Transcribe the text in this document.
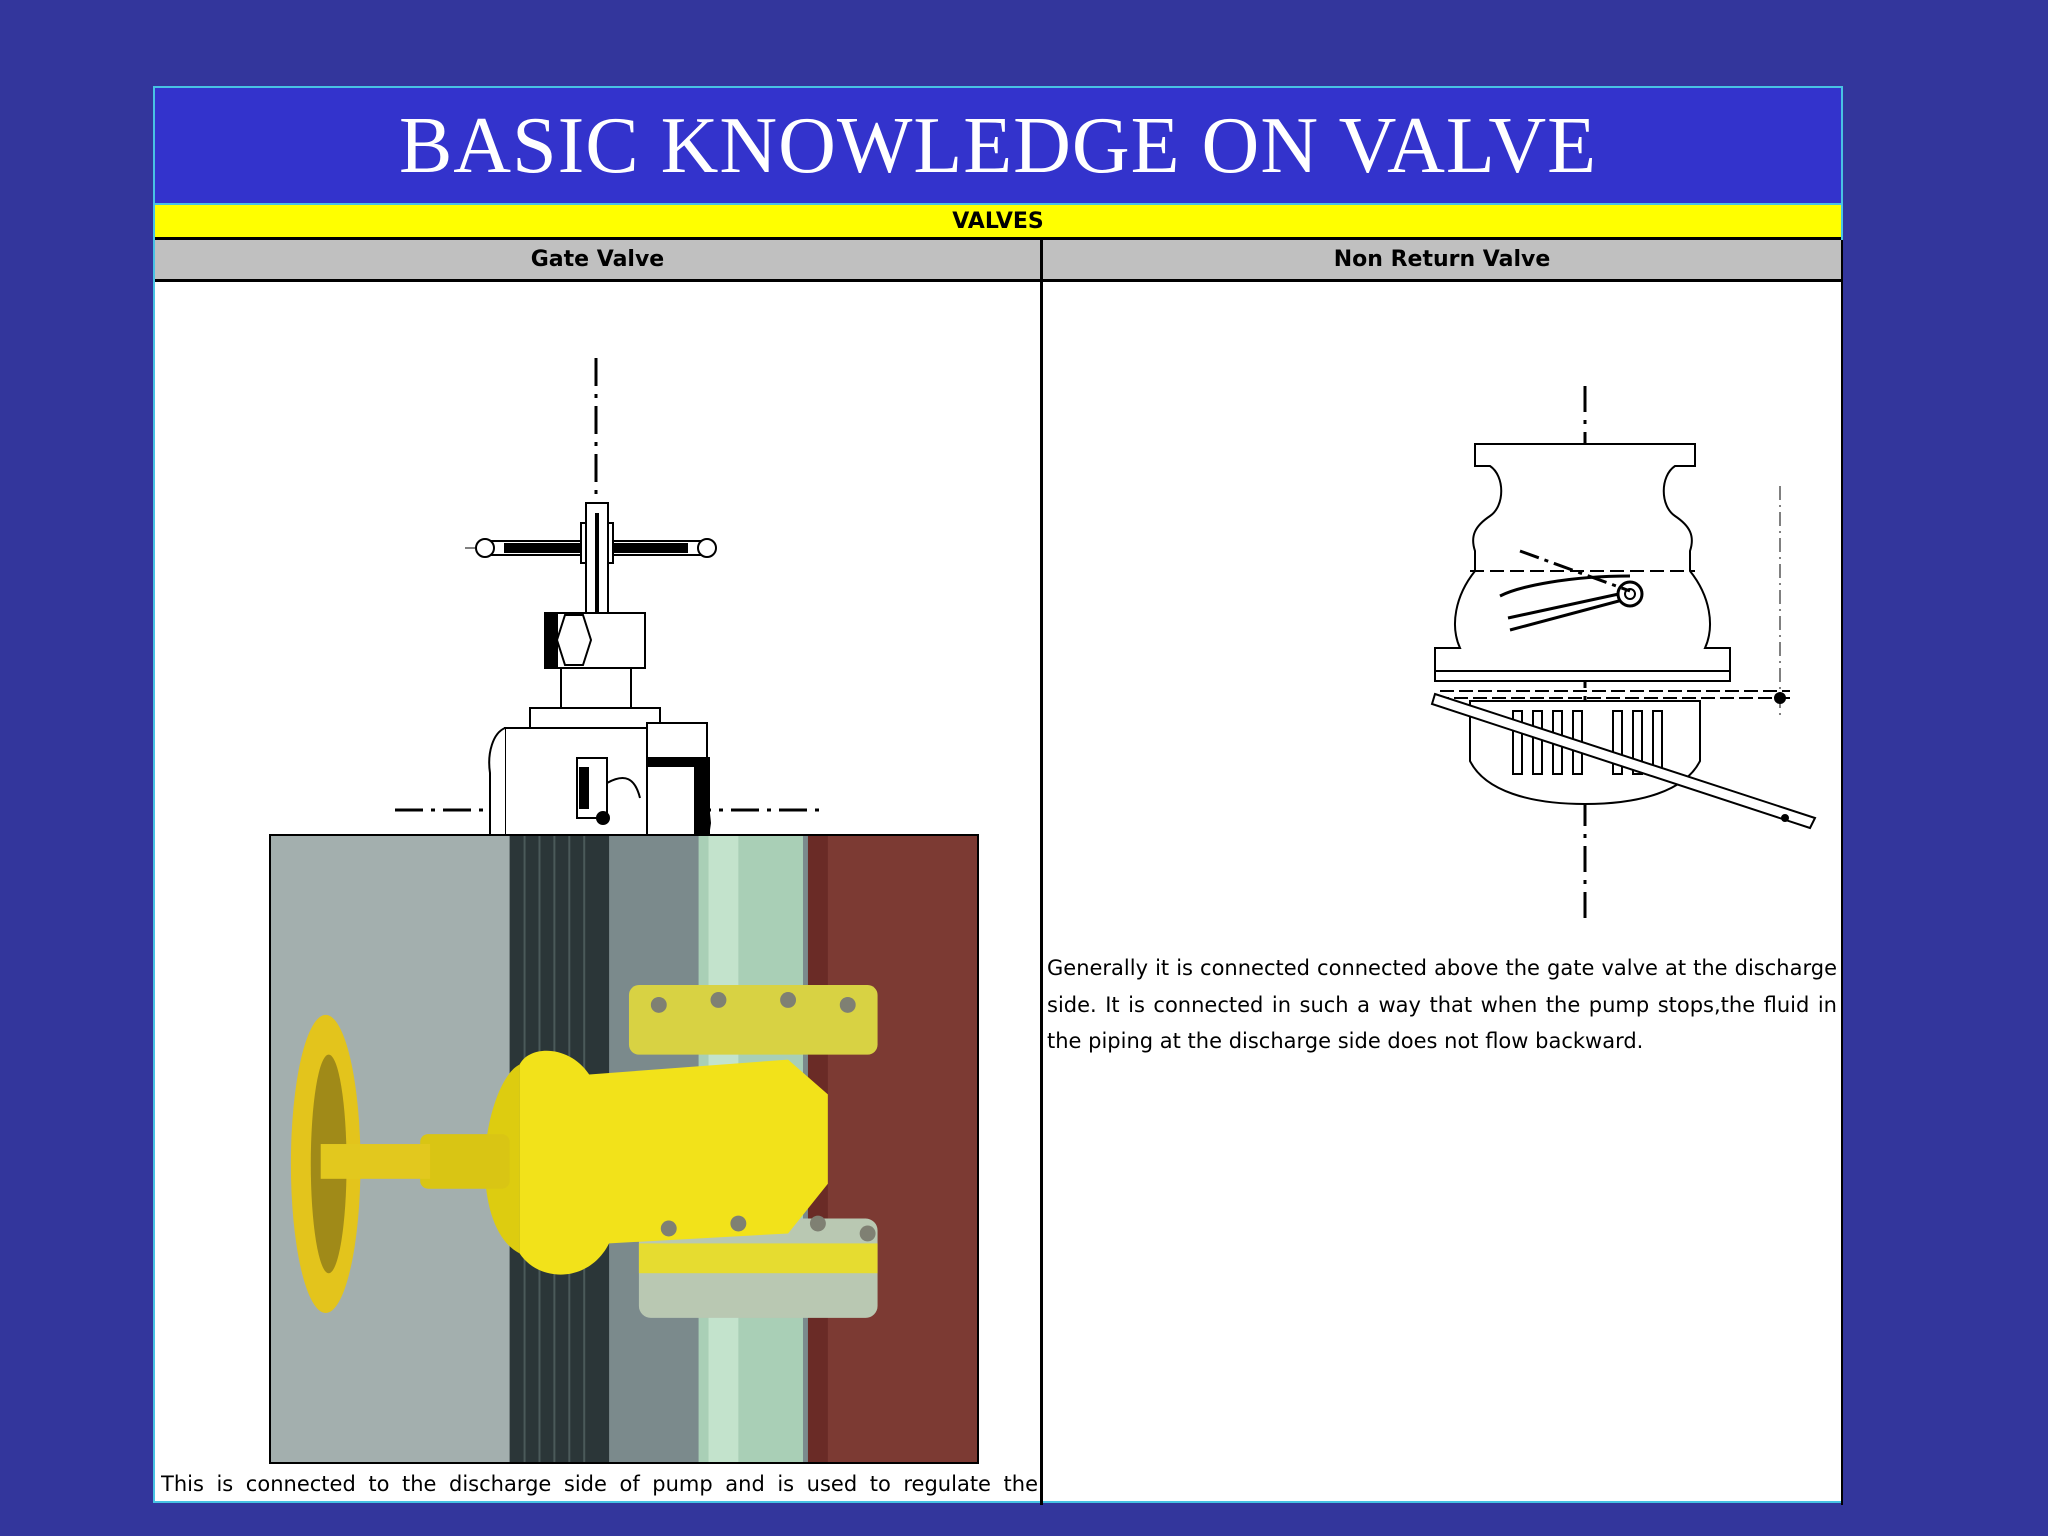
BASIC KNOWLEDGE ON VALVE
VALVES
Gate Valve	Non Return Valve
This is connected to the discharge side of pump and is used to regulate the
Generally it is connected connected above the gate valve at the discharge side. It is connected in such a way that when the pump stops,the fluid in the piping at the discharge side does not flow backward.
